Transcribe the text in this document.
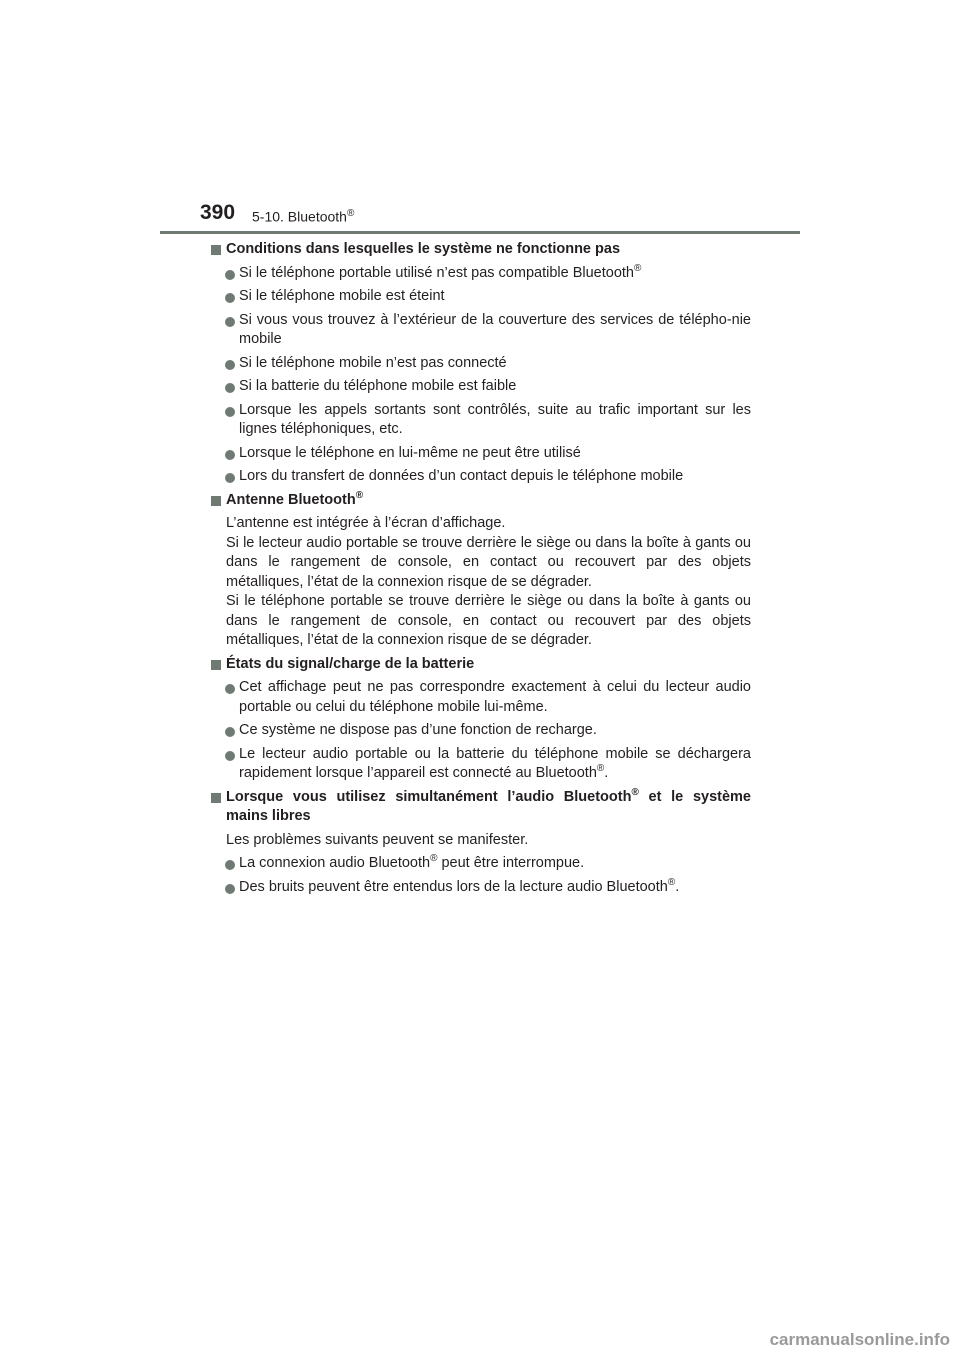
390 5-10. Bluetooth®
Conditions dans lesquelles le système ne fonctionne pas
Si le téléphone portable utilisé n’est pas compatible Bluetooth®
Si le téléphone mobile est éteint
Si vous vous trouvez à l’extérieur de la couverture des services de télépho-nie mobile
Si le téléphone mobile n’est pas connecté
Si la batterie du téléphone mobile est faible
Lorsque les appels sortants sont contrôlés, suite au trafic important sur les lignes téléphoniques, etc.
Lorsque le téléphone en lui-même ne peut être utilisé
Lors du transfert de données d’un contact depuis le téléphone mobile
Antenne Bluetooth®
L’antenne est intégrée à l’écran d’affichage.
Si le lecteur audio portable se trouve derrière le siège ou dans la boîte à gants ou dans le rangement de console, en contact ou recouvert par des objets métalliques, l’état de la connexion risque de se dégrader.
Si le téléphone portable se trouve derrière le siège ou dans la boîte à gants ou dans le rangement de console, en contact ou recouvert par des objets métalliques, l’état de la connexion risque de se dégrader.
États du signal/charge de la batterie
Cet affichage peut ne pas correspondre exactement à celui du lecteur audio portable ou celui du téléphone mobile lui-même.
Ce système ne dispose pas d’une fonction de recharge.
Le lecteur audio portable ou la batterie du téléphone mobile se déchargera rapidement lorsque l’appareil est connecté au Bluetooth®.
Lorsque vous utilisez simultanément l’audio Bluetooth® et le système mains libres
Les problèmes suivants peuvent se manifester.
La connexion audio Bluetooth® peut être interrompue.
Des bruits peuvent être entendus lors de la lecture audio Bluetooth®.
carmanualsonline.info
